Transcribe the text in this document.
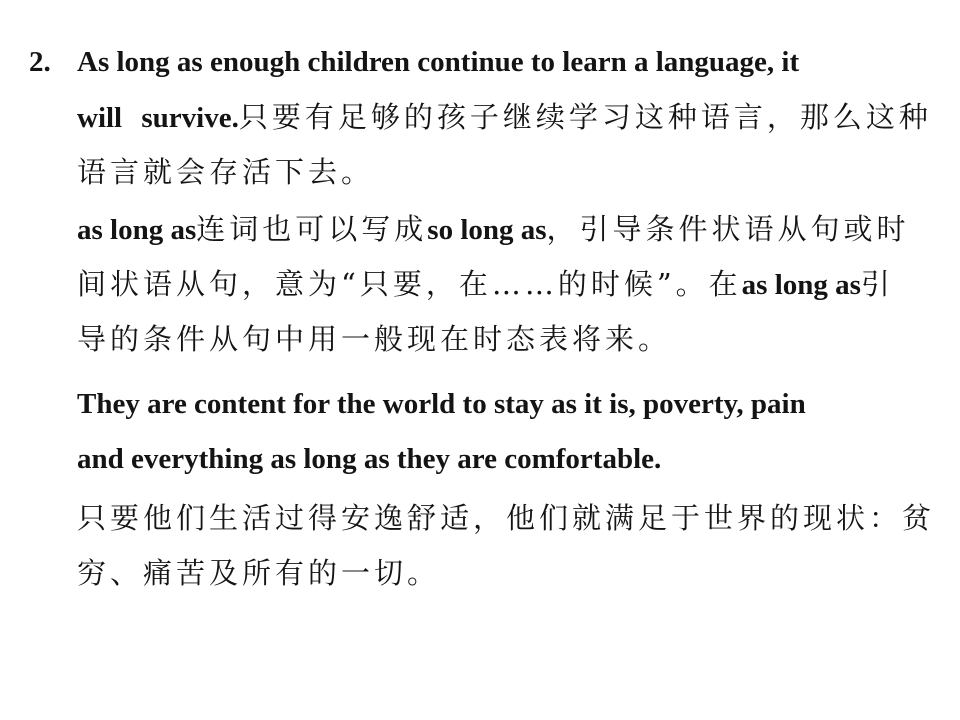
2. As long as enough children continue to learn a language, it
will survive.只要有足够的孩子继续学习这种语言，那么这种
语言就会存活下去。
as long as连词也可以写成so long as，引导条件状语从句或时
间状语从句，意为“只要，在……的时候”。在as long as引
导的条件从句中用一般现在时态表将来。
They are content for the world to stay as it is, poverty, pain
and everything as long as they are comfortable.
只要他们生活过得安逸舒适，他们就满足于世界的现状：贫
穷、痛苦及所有的一切。
